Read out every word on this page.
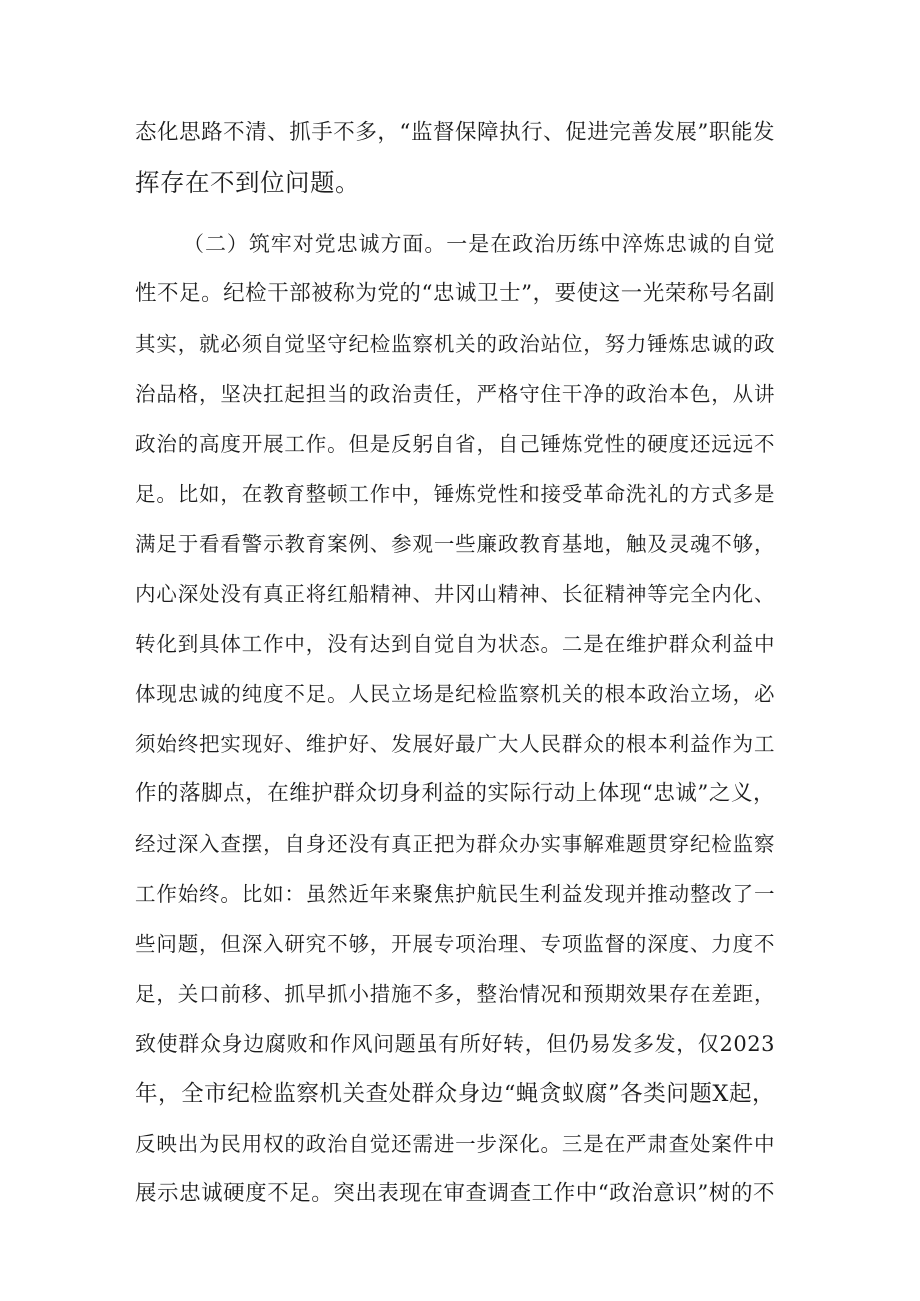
态化思路不清、抓手不多，“监督保障执行、促进完善发展”职能发
挥存在不到位问题。
（二）筑牢对党忠诚方面。一是在政治历练中淬炼忠诚的自觉
性不足。纪检干部被称为党的“忠诚卫士”，要使这一光荣称号名副
其实，就必须自觉坚守纪检监察机关的政治站位，努力锤炼忠诚的政
治品格，坚决扛起担当的政治责任，严格守住干净的政治本色，从讲
政治的高度开展工作。但是反躬自省，自己锤炼党性的硬度还远远不
足。比如，在教育整顿工作中，锤炼党性和接受革命洗礼的方式多是
满足于看看警示教育案例、参观一些廉政教育基地，触及灵魂不够，
内心深处没有真正将红船精神、井冈山精神、长征精神等完全内化、
转化到具体工作中，没有达到自觉自为状态。二是在维护群众利益中
体现忠诚的纯度不足。人民立场是纪检监察机关的根本政治立场，必
须始终把实现好、维护好、发展好最广大人民群众的根本利益作为工
作的落脚点，在维护群众切身利益的实际行动上体现“忠诚”之义，
经过深入查摆，自身还没有真正把为群众办实事解难题贯穿纪检监察
工作始终。比如：虽然近年来聚焦护航民生利益发现并推动整改了一
些问题，但深入研究不够，开展专项治理、专项监督的深度、力度不
足，关口前移、抓早抓小措施不多，整治情况和预期效果存在差距，
致使群众身边腐败和作风问题虽有所好转，但仍易发多发，仅2023
年，全市纪检监察机关查处群众身边“蝇贪蚁腐”各类问题X起，
反映出为民用权的政治自觉还需进一步深化。三是在严肃查处案件中
展示忠诚硬度不足。突出表现在审查调查工作中“政治意识”树的不
